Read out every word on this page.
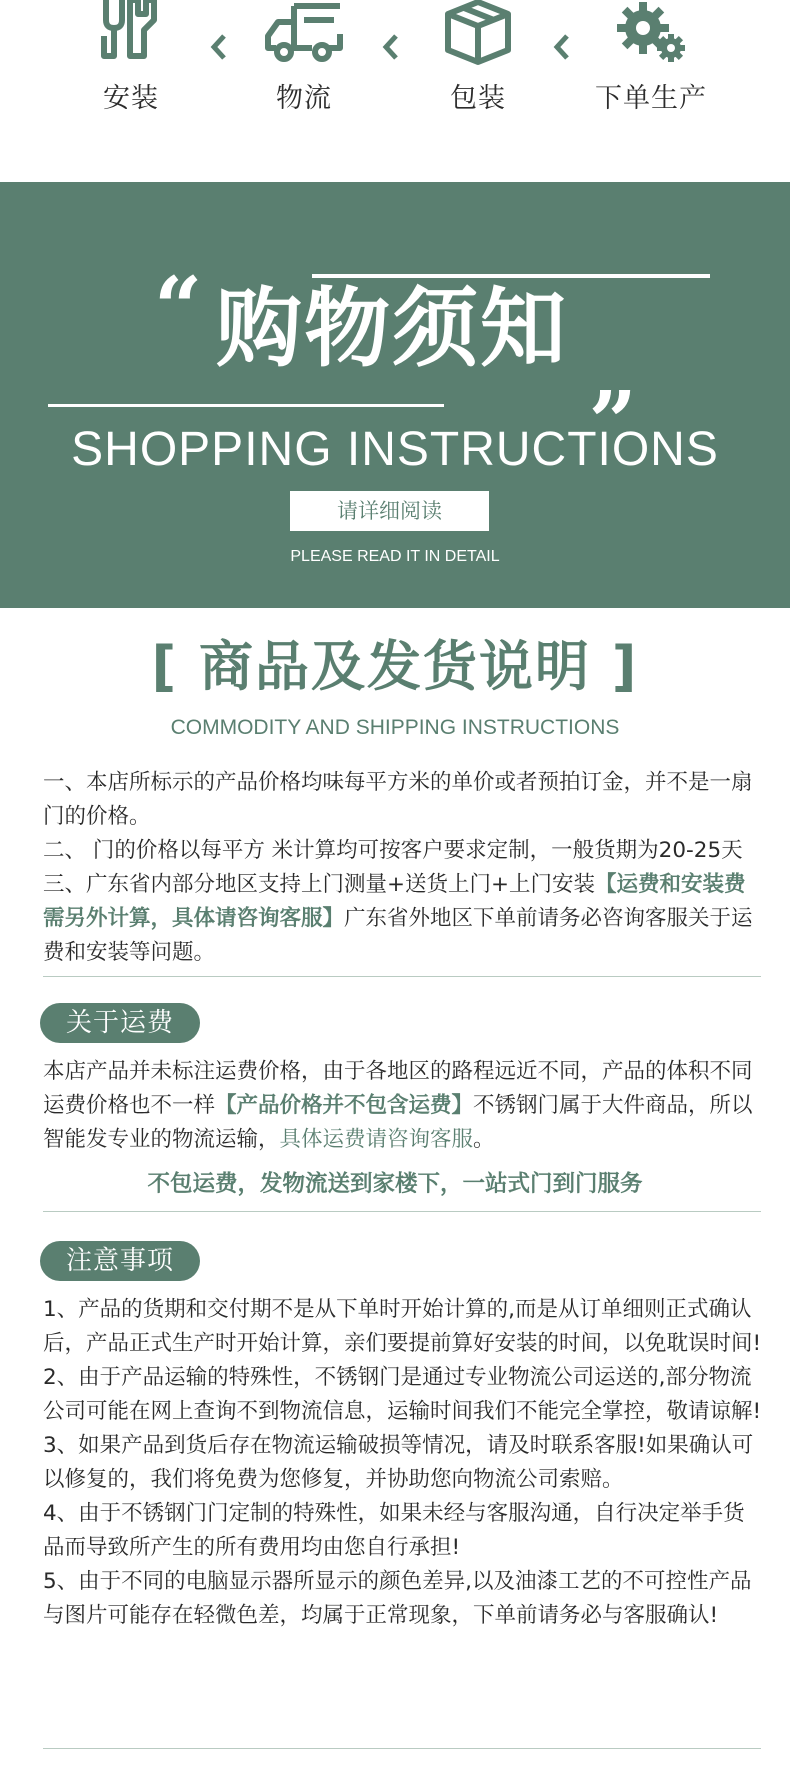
安装	物流	包装	下单生产
“ 购物须知 „
SHOPPING INSTRUCTIONS
请详细阅读
PLEASE READ IT IN DETAIL
[ 商品及发货说明 ]
COMMODITY AND SHIPPING INSTRUCTIONS

一、本店所标示的产品价格均味每平方米的单价或者预拍订金，并不是一扇门的价格。

二、 门的价格以每平方 米计算均可按客户要求定制，一般货期为20-25天

三、广东省内部分地区支持上门测量+送货上门+上门安装【运费和安装费需另外计算，具体请咨询客服】广东省外地区下单前请务必咨询客服关于运费和安装等问题。

关于运费

本店产品并未标注运费价格，由于各地区的路程远近不同，产品的体积不同运费价格也不一样【产品价格并不包含运费】不锈钢门属于大件商品，所以智能发专业的物流运输，具体运费请咨询客服。

不包运费，发物流送到家楼下，一站式门到门服务
注意事项

1、产品的货期和交付期不是从下单时开始计算的,而是从订单细则正式确认后，产品正式生产时开始计算，亲们要提前算好安装的时间，以免耽误时间!

2、由于产品运输的特殊性，不锈钢门是通过专业物流公司运送的,部分物流公司可能在网上查询不到物流信息，运输时间我们不能完全掌控，敬请谅解!

3、如果产品到货后存在物流运输破损等情况，请及时联系客服!如果确认可以修复的，我们将免费为您修复，并协助您向物流公司索赔。

4、由于不锈钢门门定制的特殊性，如果未经与客服沟通，自行决定举手货品而导致所产生的所有费用均由您自行承担!

5、由于不同的电脑显示器所显示的颜色差异,以及油漆工艺的不可控性产品与图片可能存在轻微色差，均属于正常现象，下单前请务必与客服确认!
